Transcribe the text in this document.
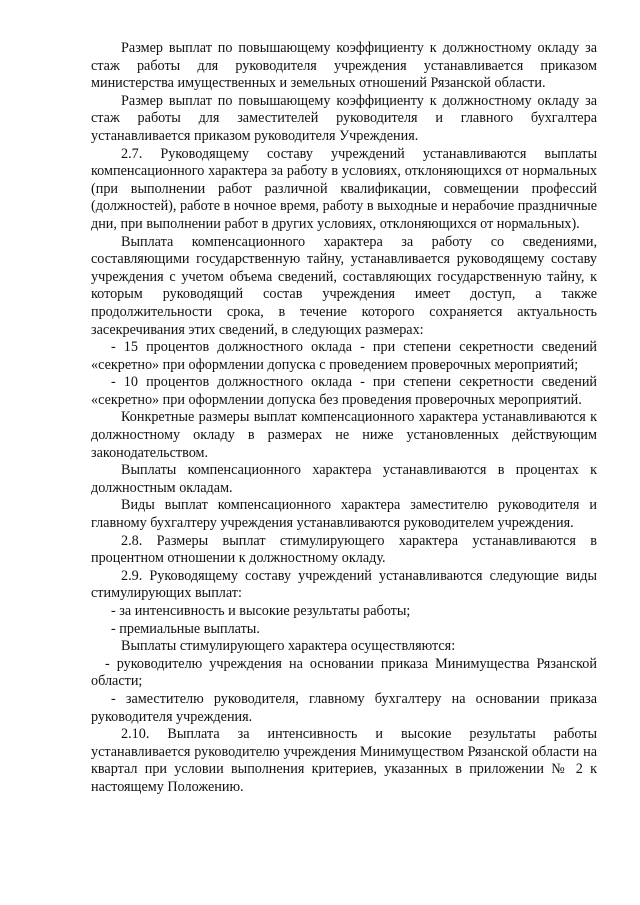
Размер выплат по повышающему коэффициенту к должностному окладу за стаж работы для руководителя учреждения устанавливается приказом министерства имущественных и земельных отношений Рязанской области.

Размер выплат по повышающему коэффициенту к должностному окладу за стаж работы для заместителей руководителя и главного бухгалтера устанавливается приказом руководителя Учреждения.

2.7. Руководящему составу учреждений устанавливаются выплаты компенсационного характера за работу в условиях, отклоняющихся от нормальных (при выполнении работ различной квалификации, совмещении профессий (должностей), работе в ночное время, работу в выходные и нерабочие праздничные дни, при выполнении работ в других условиях, отклоняющихся от нормальных).

Выплата компенсационного характера за работу со сведениями, составляющими государственную тайну, устанавливается руководящему составу учреждения с учетом объема сведений, составляющих государственную тайну, к которым руководящий состав учреждения имеет доступ, а также продолжительности срока, в течение которого сохраняется актуальность засекречивания этих сведений, в следующих размерах:

- 15 процентов должностного оклада - при степени секретности сведений «секретно» при оформлении допуска с проведением проверочных мероприятий;

- 10 процентов должностного оклада - при степени секретности сведений «секретно» при оформлении допуска без проведения проверочных мероприятий.

Конкретные размеры выплат компенсационного характера устанавливаются к должностному окладу в размерах не ниже установленных действующим законодательством.

Выплаты компенсационного характера устанавливаются в процентах к должностным окладам.

Виды выплат компенсационного характера заместителю руководителя и главному бухгалтеру учреждения устанавливаются руководителем учреждения.

2.8. Размеры выплат стимулирующего характера устанавливаются в процентном отношении к должностному окладу.

2.9. Руководящему составу учреждений устанавливаются следующие виды стимулирующих выплат:

- за интенсивность и высокие результаты работы;

- премиальные выплаты.

Выплаты стимулирующего характера осуществляются:

- руководителю учреждения на основании приказа Минимущества Рязанской области;

- заместителю руководителя, главному бухгалтеру на основании приказа руководителя учреждения.

2.10. Выплата за интенсивность и высокие результаты работы устанавливается руководителю учреждения Минимуществом Рязанской области на квартал при условии выполнения критериев, указанных в приложении № 2 к настоящему Положению.
